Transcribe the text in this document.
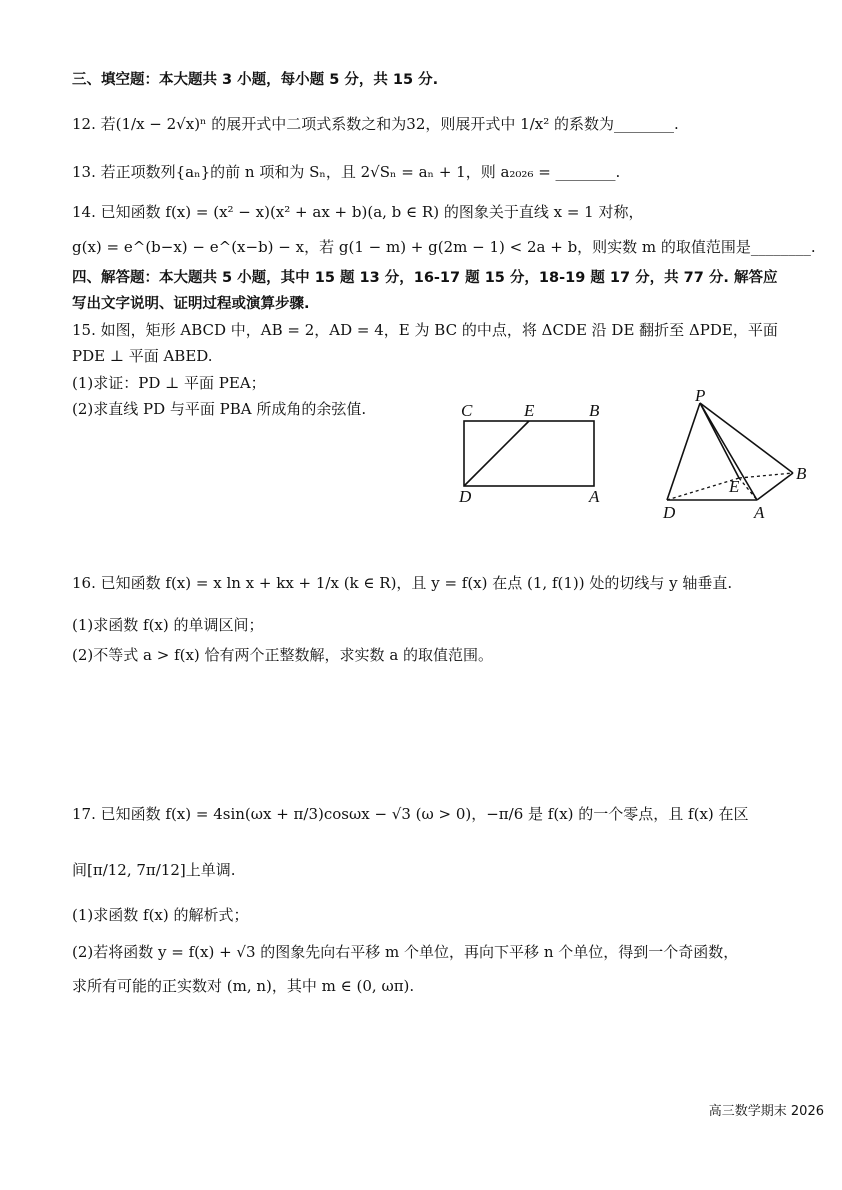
三、填空题：本大题共 3 小题，每小题 5 分，共 15 分.
12. 若(1/x − 2√x)ⁿ 的展开式中二项式系数之和为32，则展开式中 1/x² 的系数为________.
13. 若正项数列{aₙ}的前 n 项和为 Sₙ，且 2√Sₙ = aₙ + 1，则 a₂₀₂₆ = ________.
14. 已知函数 f(x) = (x² − x)(x² + ax + b)(a, b ∈ R) 的图象关于直线 x = 1 对称，
g(x) = e^(b−x) − e^(x−b) − x，若 g(1 − m) + g(2m − 1) < 2a + b，则实数 m 的取值范围是________.
四、解答题：本大题共 5 小题，其中 15 题 13 分，16-17 题 15 分，18-19 题 17 分，共 77 分. 解答应
写出文字说明、证明过程或演算步骤.
15. 如图，矩形 ABCD 中，AB = 2，AD = 4，E 为 BC 的中点，将 ΔCDE 沿 DE 翻折至 ΔPDE，平面
PDE ⊥ 平面 ABED.
(1)求证：PD ⊥ 平面 PEA；
(2)求直线 PD 与平面 PBA 所成角的余弦值.	C	E	B
D	A
P
B
E
D	A
16. 已知函数 f(x) = x ln x + kx + 1/x (k ∈ R)，且 y = f(x) 在点 (1, f(1)) 处的切线与 y 轴垂直.
(1)求函数 f(x) 的单调区间；
(2)不等式 a > f(x) 恰有两个正整数解，求实数 a 的取值范围。
17. 已知函数 f(x) = 4sin(ωx + π/3)cosωx − √3 (ω > 0)，−π/6 是 f(x) 的一个零点，且 f(x) 在区
间[π/12, 7π/12]上单调.
(1)求函数 f(x) 的解析式；
(2)若将函数 y = f(x) + √3 的图象先向右平移 m 个单位，再向下平移 n 个单位，得到一个奇函数，
求所有可能的正实数对 (m, n)，其中 m ∈ (0, ωπ).
高三数学期末 2026
